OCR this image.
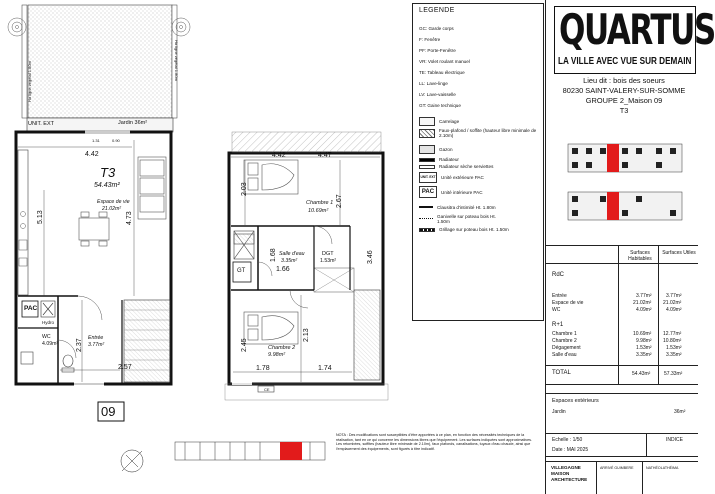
UNIT. EXT	Jardin 36m²
Ha ligne végétal 1.80m
Ha ligne végétal 1.80m
T3
54.43m²
Espace de vie
21.02m²
Entrée
3.77m²
WC
4.09m²
PAC
Hydro
09
4.42
4.73
5.13
2.37
2.57
1.31	0.90
Chambre 1
10.69m²
Chambre 2
9.98m²
Salle d'eau
3.35m²
DGT
1.53m²
GT
CE
4.42	4.47
2.03
2.67
1.66
1.68	3.46
2.45
2.13
1.78	1.74
NOTA : Des modifications sont susceptibles d'être apportées à ce plan, en fonction des nécessités techniques de la réalisation, tant en ce qui concerne les dimensions libres que l'équipement. Les surfaces indiquées sont approximatives. Les retombées, soffites (hauteur libre minimale de 2.10m), faux plafonds, canalisations, tuyaux d'eau chaude, ainsi que l'emplacement des équipements, sont figurés à titre indicatif.
LEGENDE
GC: Garde corps
F: Fenêtre
PF: Porte-Fenêtre
VR: Volet roulant manuel
TE: Tableau électrique
LL: Lave-linge
LV: Lave-vaisselle
GT: Gaine technique
Carrelage
Faux-plafond / soffite (hauteur libre minimale de 2.10m)
Gazon
Radiateur
Radiateur sèche serviettes
UNIT. EXT	Unité extérieure PAC
PAC	Unité intérieure PAC
Clausitra d'intimité Ht. 1.80m
Ganivelle sur poteau bois Ht. 1.50m
Grillage sur poteau bois Ht. 1.50m
QUARTUS
LA VILLE AVEC VUE SUR DEMAIN
Lieu dit : bois des soeurs
80230 SAINT-VALERY-SUR-SOMME
GROUPE 2_Maison 09
T3
Surfaces Habitables
Surfaces Utiles
RdC
Entrée	3.77m²	3.77m²
Espace de vie	21.02m² 21.02m²
WC	4.09m²	4.09m²
R+1
Chambre 1	10.69m² 12.77m²
Chambre 2	9.98m² 10.80m²
Dégagement	1.53m²	1.53m²
Salle d'eau	3.35m²	3.35m²
TOTAL	54.43m²	57.33m²
Espaces extérieurs
Jardin	36m²
Echelle : 1/50
Date : MAI 2025
INDICE
VILLEGAGNE MAISON ARCHITECTURE
ARRIVÉ GUIMBERE	NATHÉOLATHÉIMA
